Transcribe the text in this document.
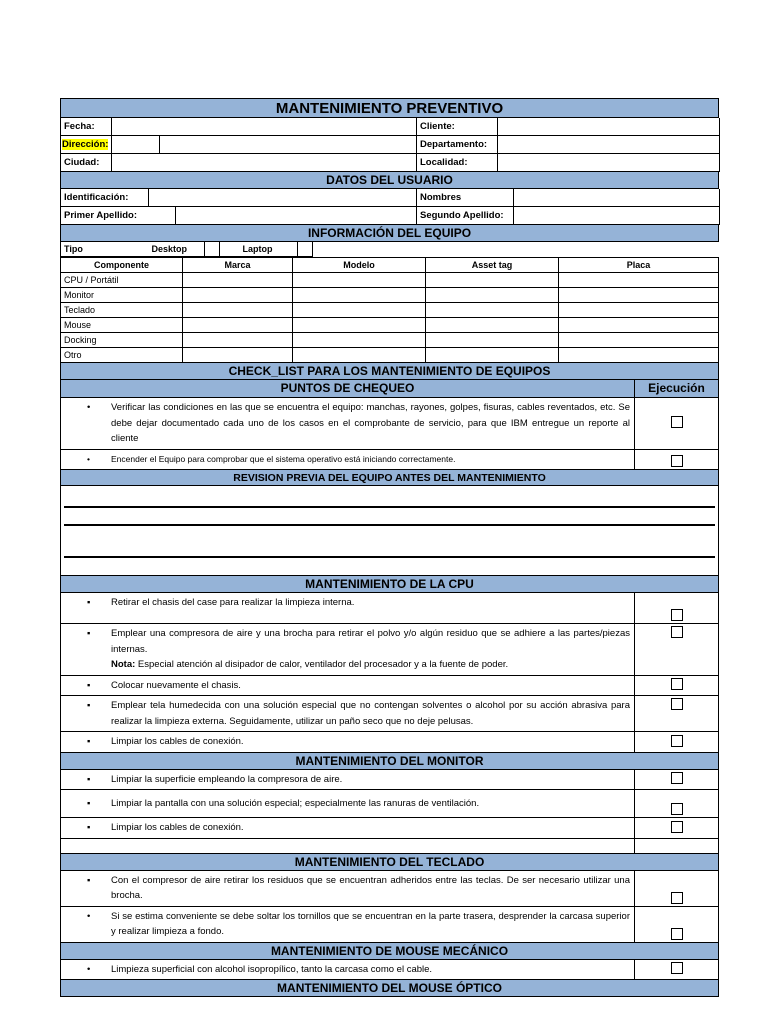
MANTENIMIENTO PREVENTIVO
Fecha:			Cliente:	
Dirección:			Departamento:	
Ciudad:			Localidad:	
DATOS DEL USUARIO
Identificación:			Nombres	
Primer Apellido:			Segundo Apellido:	
INFORMACIÓN DEL EQUIPO
Tipo	Desktop			Laptop		
Componente	Marca	Modelo	Asset tag	Placa
CPU / Portátil				
Monitor				
Teclado				
Mouse				
Docking				
Otro				
CHECK_LIST PARA LOS MANTENIMIENTO DE EQUIPOS
PUNTOS DE CHEQUEO	Ejecución
• Verificar las condiciones en las que se encuentra el equipo: manchas, rayones, golpes, fisuras, cables reventados, etc. Se debe dejar documentado cada uno de los casos en el comprobante de servicio, para que IBM entregue un reporte al cliente
• Encender el Equipo para comprobar que el sistema operativo está iniciando correctamente.
REVISION PREVIA DEL EQUIPO ANTES DEL MANTENIMIENTO
MANTENIMIENTO DE LA CPU
▪ Retirar el chasis del case para realizar la limpieza interna.
▪ Emplear una compresora de aire y una brocha para retirar el polvo y/o algún residuo que se adhiere a las partes/piezas internas.
Nota: Especial atención al disipador de calor, ventilador del procesador y a la fuente de poder.
▪ Colocar nuevamente el chasis.
▪ Emplear tela humedecida con una solución especial que no contengan solventes o alcohol por su acción abrasiva para realizar la limpieza externa. Seguidamente, utilizar un paño seco que no deje pelusas.
▪ Limpiar los cables de conexión.
MANTENIMIENTO DEL MONITOR
▪ Limpiar la superficie empleando la compresora de aire.
▪ Limpiar la pantalla con una solución especial; especialmente las ranuras de ventilación.
▪ Limpiar los cables de conexión.
MANTENIMIENTO DEL TECLADO
▪ Con el compresor de aire retirar los residuos que se encuentran adheridos entre las teclas. De ser necesario utilizar una brocha.
• Si se estima conveniente se debe soltar los tornillos que se encuentran en la parte trasera, desprender la carcasa superior y realizar limpieza a fondo.
MANTENIMIENTO DE MOUSE MECÁNICO
• Limpieza superficial con alcohol isopropílico, tanto la carcasa como el cable.
MANTENIMIENTO DEL MOUSE ÓPTICO
